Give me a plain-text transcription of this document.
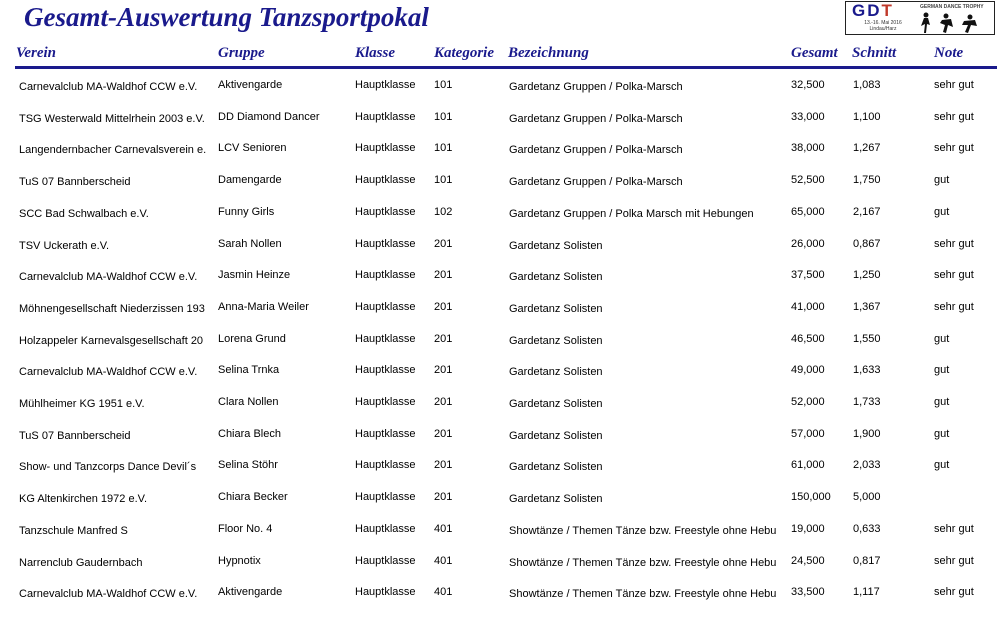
Gesamt-Auswertung Tanzsportpokal	GDT	GERMAN DANCE TROPHY
13.-16. Mai 2016
Lindau/Harz
Verein	Gruppe	Klasse	Kategorie Bezeichnung	Gesamt Schnitt	Note
Carnevalclub MA-Waldhof CCW e.V.	Aktivengarde	Hauptklasse	101	Gardetanz Gruppen / Polka-Marsch	32,500	1,083	sehr gut
TSG Westerwald Mittelrhein 2003 e.V.	DD Diamond Dancer	Hauptklasse	101	Gardetanz Gruppen / Polka-Marsch	33,000	1,100	sehr gut
Langendernbacher Carnevalsverein e.	LCV Senioren	Hauptklasse	101	Gardetanz Gruppen / Polka-Marsch	38,000	1,267	sehr gut
TuS 07 Bannberscheid	Damengarde	Hauptklasse	101	Gardetanz Gruppen / Polka-Marsch	52,500	1,750	gut
SCC Bad Schwalbach e.V.	Funny Girls	Hauptklasse	102	Gardetanz Gruppen / Polka Marsch mit Hebungen	65,000	2,167	gut
TSV Uckerath e.V.	Sarah Nollen	Hauptklasse	201	Gardetanz Solisten	26,000	0,867	sehr gut
Carnevalclub MA-Waldhof CCW e.V.	Jasmin Heinze	Hauptklasse	201	Gardetanz Solisten	37,500	1,250	sehr gut
Möhnengesellschaft Niederzissen 193	Anna-Maria Weiler	Hauptklasse	201	Gardetanz Solisten	41,000	1,367	sehr gut
Holzappeler Karnevalsgesellschaft 20	Lorena Grund	Hauptklasse	201	Gardetanz Solisten	46,500	1,550	gut
Carnevalclub MA-Waldhof CCW e.V.	Selina Trnka	Hauptklasse	201	Gardetanz Solisten	49,000	1,633	gut
Mühlheimer KG 1951 e.V.	Clara Nollen	Hauptklasse	201	Gardetanz Solisten	52,000	1,733	gut
TuS 07 Bannberscheid	Chiara Blech	Hauptklasse	201	Gardetanz Solisten	57,000	1,900	gut
Show- und Tanzcorps Dance Devil´s	Selina Stöhr	Hauptklasse	201	Gardetanz Solisten	61,000	2,033	gut
KG Altenkirchen 1972 e.V.	Chiara Becker	Hauptklasse	201	Gardetanz Solisten	150,000	5,000
Tanzschule Manfred S	Floor No. 4	Hauptklasse	401	Showtänze / Themen Tänze bzw. Freestyle ohne Hebu	19,000	0,633	sehr gut
Narrenclub Gaudernbach	Hypnotix	Hauptklasse	401	Showtänze / Themen Tänze bzw. Freestyle ohne Hebu	24,500	0,817	sehr gut
Carnevalclub MA-Waldhof CCW e.V.	Aktivengarde	Hauptklasse	401	Showtänze / Themen Tänze bzw. Freestyle ohne Hebu	33,500	1,117	sehr gut
